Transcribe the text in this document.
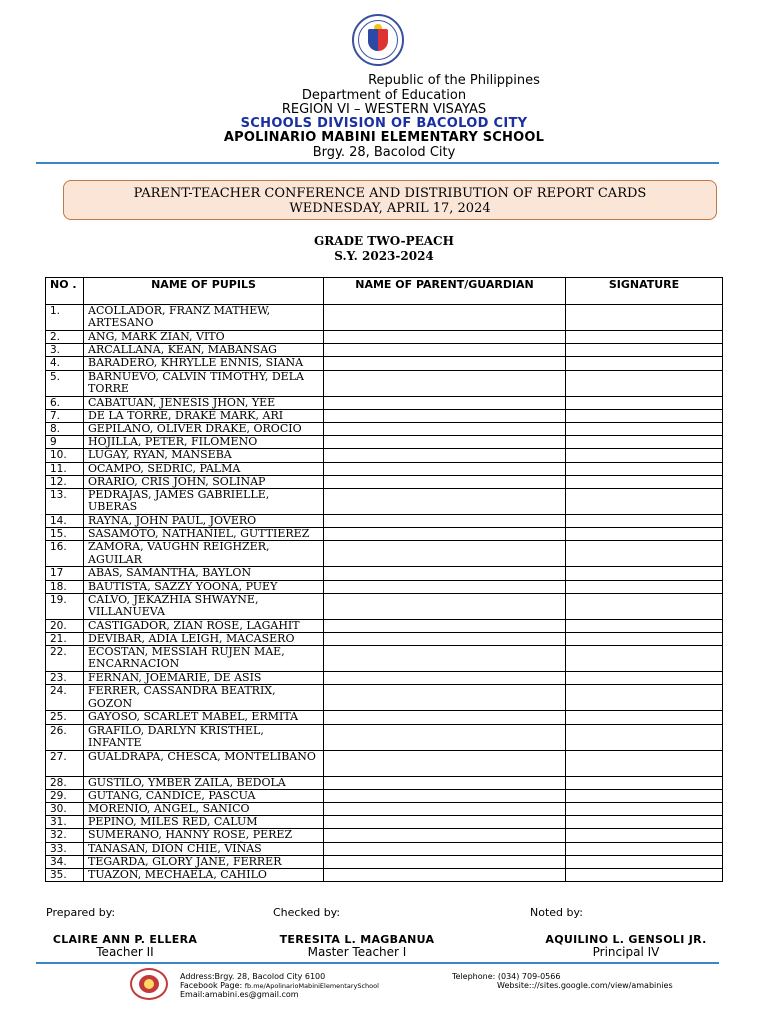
Republic of the Philippines
Department of Education
REGION VI – WESTERN VISAYAS
SCHOOLS DIVISION OF BACOLOD CITY
APOLINARIO MABINI ELEMENTARY SCHOOL
Brgy. 28, Bacolod City
PARENT-TEACHER CONFERENCE AND DISTRIBUTION OF REPORT CARDS
WEDNESDAY, APRIL 17, 2024
GRADE TWO-PEACH
S.Y. 2023-2024
NO .	NAME OF PUPILS	NAME OF PARENT/GUARDIAN	SIGNATURE
1.	ACOLLADOR, FRANZ MATHEW, ARTESANO		
2.	ANG, MARK ZIAN, VITO		
3.	ARCALLANA, KEAN, MABANSAG		
4.	BARADERO, KHRYLLE ENNIS, SIANA		
5.	BARNUEVO, CALVIN TIMOTHY, DELA TORRE		
6.	CABATUAN, JENESIS JHON, YEE		
7.	DE LA TORRE, DRAKE MARK, ARI		
8.	GEPILANO, OLIVER DRAKE, OROCIO		
9	HOJILLA, PETER, FILOMENO		
10.	LUGAY, RYAN, MANSEBA		
11.	OCAMPO, SEDRIC, PALMA		
12.	ORARIO, CRIS JOHN, SOLINAP		
13.	PEDRAJAS, JAMES GABRIELLE, UBERAS		
14.	RAYNA, JOHN PAUL, JOVERO		
15.	SASAMOTO, NATHANIEL, GUTTIEREZ		
16.	ZAMORA, VAUGHN REIGHZER, AGUILAR		
17	ABAS, SAMANTHA, BAYLON		
18.	BAUTISTA, SAZZY YOONA, PUEY		
19.	CALVO, JEKAZHIA SHWAYNE, VILLANUEVA		
20.	CASTIGADOR, ZIAN ROSE, LAGAHIT		
21.	DEVIBAR, ADIA LEIGH, MACASERO		
22.	ECOSTAN, MESSIAH RUJEN MAE, ENCARNACION		
23.	FERNAN, JOEMARIE, DE ASIS		
24.	FERRER, CASSANDRA BEATRIX, GOZON		
25.	GAYOSO, SCARLET MABEL, ERMITA		
26.	GRAFILO, DARLYN KRISTHEL, INFANTE		
27.	GUALDRAPA, CHESCA, MONTELIBANO		
28.	GUSTILO, YMBER ZAILA, BEDOLA		
29.	GUTANG, CANDICE, PASCUA		
30.	MORENIO, ANGEL, SANICO		
31.	PEPINO, MILES RED, CALUM		
32.	SUMERANO, HANNY ROSE, PEREZ		
33.	TANASAN, DION CHIE, VIÑAS		
34.	TEGARDA, GLORY JANE, FERRER		
35.	TUAZON, MECHAELA, CAHILO		
Prepared by:	Checked by:	Noted by:
CLAIRE ANN P. ELLERA
Teacher II
TERESITA L. MAGBANUA
Master Teacher I
AQUILINO L. GENSOLI JR.
Principal IV
Address:Brgy. 28, Bacolod City 6100
Facebook Page: fb.me/ApolinarioMabiniElementarySchool
Email:amabini.es@gmail.com
Telephone: (034) 709-0566
Website:://sites.google.com/view/amabinies
